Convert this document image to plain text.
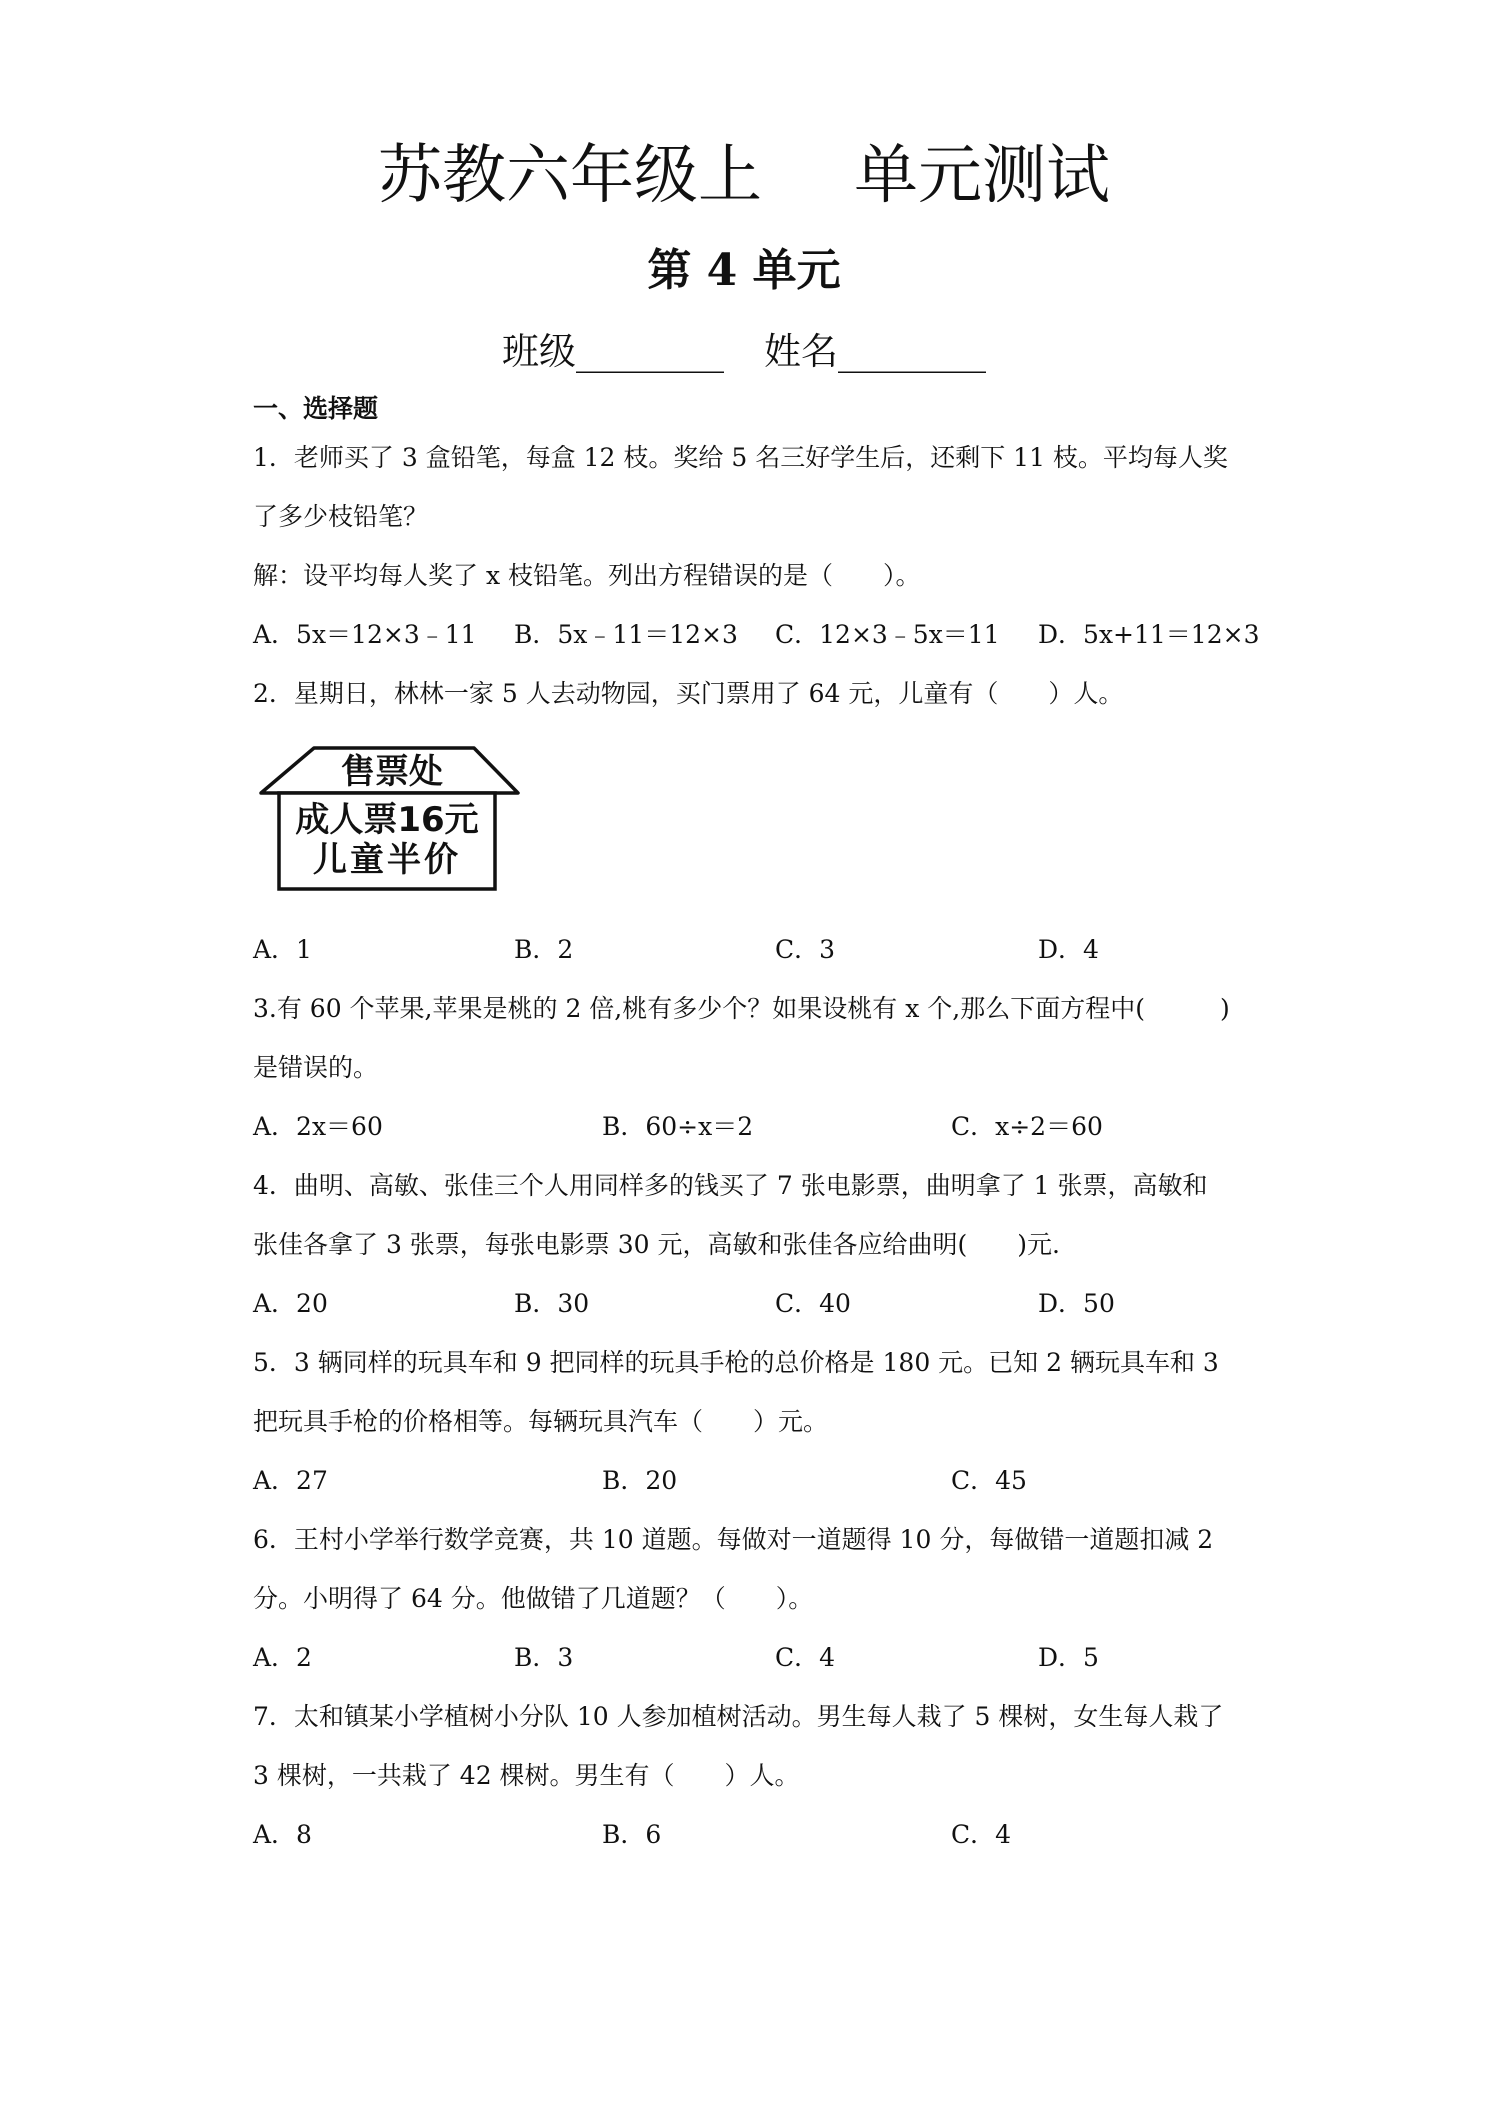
苏教六年级上 单元测试
第 4 单元
班级________ 姓名________
一、选择题
1．老师买了 3 盒铅笔，每盒 12 枝。奖给 5 名三好学生后，还剩下 11 枝。平均每人奖
了多少枝铅笔？
解：设平均每人奖了 x 枝铅笔。列出方程错误的是（　　）。
A．5x＝12×3﹣11 B．5x﹣11＝12×3 C．12×3﹣5x＝11 D．5x+11＝12×3
2．星期日，林林一家 5 人去动物园，买门票用了 64 元，儿童有（　　）人。
售票处
成人票16元
儿童半价
A．1	B．2	C．3	D．4
3.有 60 个苹果,苹果是桃的 2 倍,桃有多少个？如果设桃有 x 个,那么下面方程中(　　　)
是错误的。
A．2x＝60	B．60÷x＝2	C．x÷2＝60
4．曲明、高敏、张佳三个人用同样多的钱买了 7 张电影票，曲明拿了 1 张票，高敏和
张佳各拿了 3 张票，每张电影票 30 元，高敏和张佳各应给曲明(　　)元.
A．20	B．30	C．40	D．50
5．3 辆同样的玩具车和 9 把同样的玩具手枪的总价格是 180 元。已知 2 辆玩具车和 3
把玩具手枪的价格相等。每辆玩具汽车（　　）元。
A．27	B．20	C．45
6．王村小学举行数学竞赛，共 10 道题。每做对一道题得 10 分，每做错一道题扣减 2
分。小明得了 64 分。他做错了几道题？（　　）。
A．2	B．3	C．4	D．5
7．太和镇某小学植树小分队 10 人参加植树活动。男生每人栽了 5 棵树，女生每人栽了
3 棵树，一共栽了 42 棵树。男生有（　　）人。
A．8	B．6	C．4
